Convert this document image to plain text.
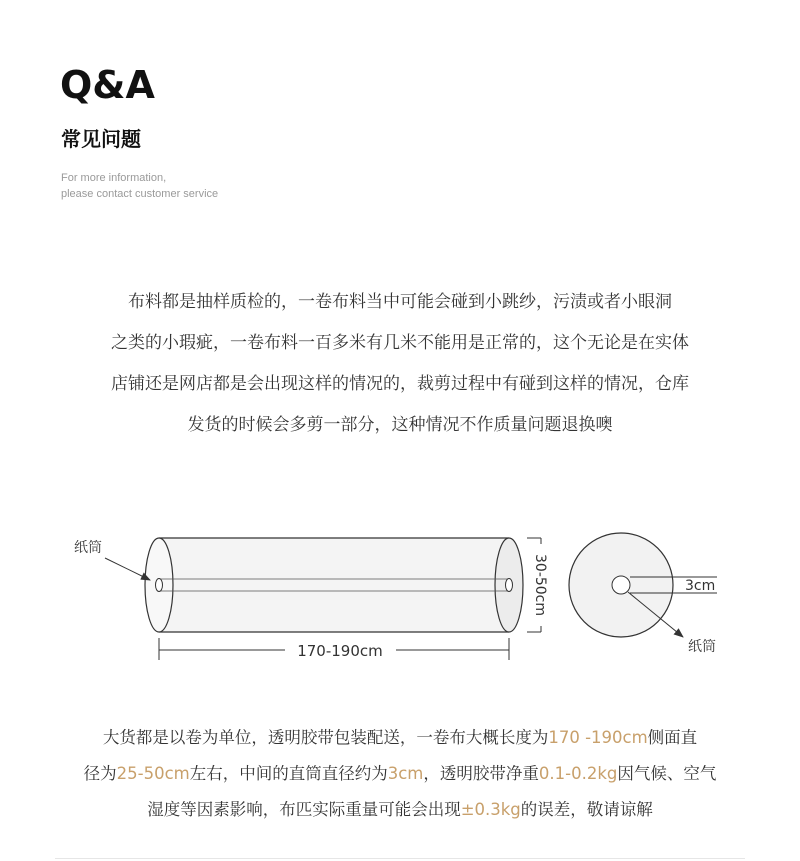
Q&A
常见问题
For more information,
please contact customer service
布料都是抽样质检的，一卷布料当中可能会碰到小跳纱，污渍或者小眼洞
之类的小瑕疵，一卷布料一百多米有几米不能用是正常的，这个无论是在实体
店铺还是网店都是会出现这样的情况的，裁剪过程中有碰到这样的情况，仓库
发货的时候会多剪一部分，这种情况不作质量问题退换噢
纸筒
170-190cm
30-50cm	3cm
纸筒
大货都是以卷为单位，透明胶带包装配送，一卷布大概长度为170 -190cm侧面直
径为25-50cm左右，中间的直筒直径约为3cm，透明胶带净重0.1-0.2kg因气候、空气
湿度等因素影响，布匹实际重量可能会出现±0.3kg的误差，敬请谅解
